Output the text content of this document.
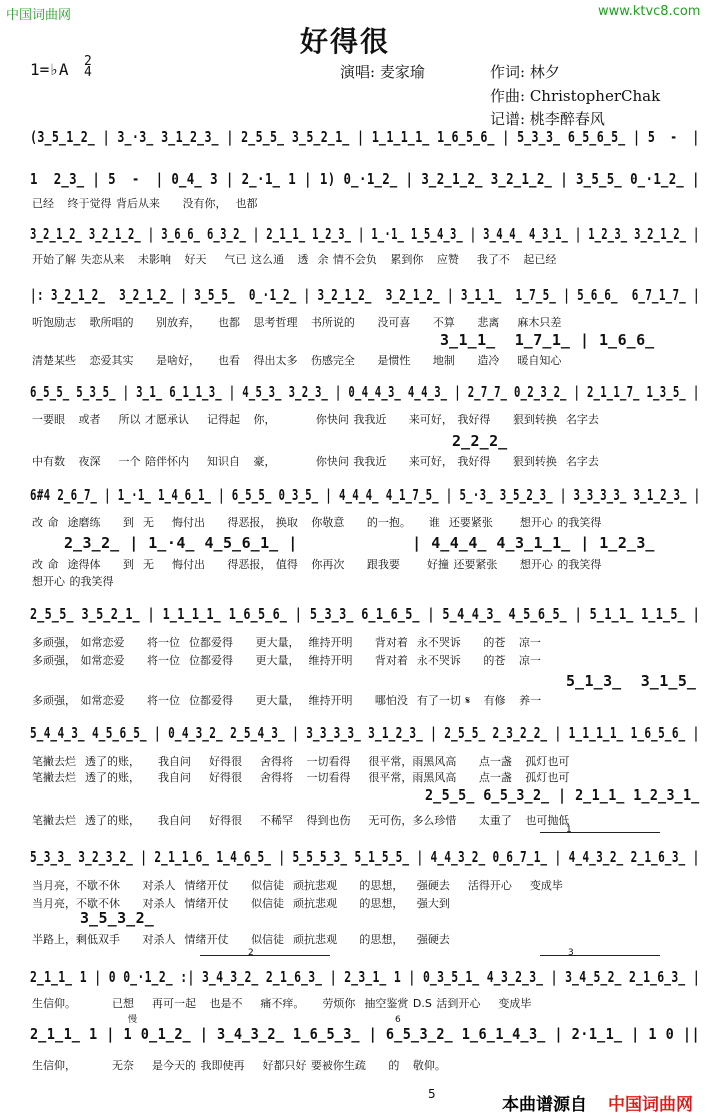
中国词曲网	www.ktvc8.com
好得很
1=♭A 2
4	演唱: 麦家瑜	作词: 林夕
作曲: ChristopherChak
记谱: 桃李醉春风
(3̲5̲1̲2̲ | 3̲·3̲ 3̲1̲2̲3̲ | 2̲5̲5̲ 3̲5̲2̲1̲ | 1̲1̲1̲1̲ 1̲6̲5̲6̲ | 5̲3̲3̲ 6̲5̲6̲5̲ | 5  -  |
1  2̲3̲ | 5  -  | 0̲4̲ 3 | 2̲·1̲ 1 | 1) 0̲·1̲2̲ | 3̲2̲1̲2̲ 3̲2̲1̲2̲ | 3̲5̲5̲ 0̲·1̲2̲ |
已经   终于觉得 背后从来     没有你，  也都
3̲2̲1̲2̲ 3̲2̲1̲2̲ | 3̲6̲6̲ 6̲3̲2̲ | 2̲1̲1̲ 1̲2̲3̲ | 1̲·1̲ 1̲5̲4̲3̲ | 3̲4̲4̲ 4̲3̲1̲ | 1̲2̲3̲ 3̲2̲1̲2̲ |
开始了解 失恋从来   未影响   好天    气已 这么通   透  余 情不会负   累到你   应赞    我了不   起已经
|: 3̲2̲1̲2̲  3̲2̲1̲2̲ | 3̲5̲5̲  0̲·1̲2̲ | 3̲2̲1̲2̲  3̲2̲1̲2̲ | 3̲1̲1̲  1̲7̲5̲ | 5̲6̲6̲  6̲7̲1̲7̲ |
听饱励志   歌所唱的     别放弃，    也都   思考哲理   书所说的     没可喜     不算     悲离    麻木只差
清楚某些   恋爱其实     是啥好，    也看   得出太多   伤感完全     是惯性     地制     造冷    暖自知心
3̲1̲1̲  1̲7̲1̲ | 1̲6̲6̲
6̲5̲5̲ 5̲3̲5̲ | 3̲1̲ 6̲1̲1̲3̲ | 4̲5̲3̲ 3̲2̲3̲ | 0̲4̲4̲3̲ 4̲4̲3̲ | 2̲7̲7̲ 0̲2̲3̲2̲ | 2̲1̲1̲7̲ 1̲3̲5̲ |
一要眼   或者    所以 才愿承认    记得起   你，         你快问 我我近     来可好， 我好得     狠到转换  名字去
中有数   夜深    一个 陪伴怀内    知识自   豪，         你快问 我我近     来可好， 我好得     狠到转换  名字去
2̲2̲2̲
6#4 2̲6̲7̲ | 1̲·1̲ 1̲4̲6̲1̲ | 6̲5̲5̲ 0̲3̲5̲ | 4̲4̲4̲ 4̲1̲7̲5̲ | 5̲·3̲ 3̲5̲2̲3̲ | 3̲3̲3̲3̲ 3̲1̲2̲3̲ |
改 命  途磨练     到  无    悔付出     得恶报， 换取   你敬意     的一抱。    谁  还要紧张      想开心 的我笑得
改 命  途得体     到  无    悔付出     得恶报， 值得   你再次     跟我要      好撞 还要紧张     想开心 的我笑得
想开心 的我笑得
2̲3̲2̲ | 1̲·4̲ 4̲5̲6̲1̲ |            | 4̲4̲4̲ 4̲3̲1̲1̲ | 1̲2̲3̲
2̲5̲5̲ 3̲5̲2̲1̲ | 1̲1̲1̲1̲ 1̲6̲5̲6̲ | 5̲3̲3̲ 6̲1̲6̲5̲ | 5̲4̲4̲3̲ 4̲5̲6̲5̲ | 5̲1̲1̲ 1̲1̲5̲ |
多顽强， 如常恋爱     将一位  位都爱得     更大量，  维持开明     背对着  永不哭诉     的苍   凉一
多顽强， 如常恋爱     将一位  位都爱得     更大量，  维持开明     背对着  永不哭诉     的苍   凉一
多顽强， 如常恋爱     将一位  位都爱得     更大量，  维持开明     哪怕没  有了一切 𝄋   有修   养一
5̲1̲3̲  3̲1̲5̲
5̲4̲4̲3̲ 4̲5̲6̲5̲ | 0̲4̲3̲2̲ 2̲5̲4̲3̲ | 3̲3̲3̲3̲ 3̲1̲2̲3̲ | 2̲5̲5̲ 2̲3̲2̲2̲ | 1̲1̲1̲1̲ 1̲6̲5̲6̲ |
笔撇去烂  透了的账，    我自问    好得很    舍得将   一切看得    很平常，雨黑风高     点一盏   孤灯也可
笔撇去烂  透了的账，    我自问    好得很    舍得将   一切看得    很平常，雨黑风高     点一盏   孤灯也可
笔撇去烂  透了的账，    我自问    好得很    不稀罕   得到也伤    无可伤，多么珍惜     太重了   也可抛低
2̲5̲5̲ 6̲5̲3̲2̲ | 2̲1̲1̲ 1̲2̲3̲1̲
5̲3̲3̲ 3̲2̲3̲2̲ | 2̲1̲1̲6̲ 1̲4̲6̲5̲ | 5̲5̲5̲3̲ 5̲1̲5̲5̲ | 4̲4̲3̲2̲ 0̲6̲7̲1̲ | 4̲4̲3̲2̲ 2̲1̲6̲3̲ |
当月亮，不歇不休     对杀人  情绪开仗     似信徒  顽抗悲观     的思想，   强硬去    活得开心    变成毕
当月亮，不歇不休     对杀人  情绪开仗     似信徒  顽抗悲观     的思想，   强大到
半路上，剩低双手     对杀人  情绪开仗     似信徒  顽抗悲观     的思想，   强硬去
3̲5̲3̲2̲
2̲1̲1̲ 1 | 0 0̲·1̲2̲ :| 3̲4̲3̲2̲ 2̲1̲6̲3̲ | 2̲3̲1̲ 1 | 0̲3̲5̲1̲ 4̲3̲2̲3̲ | 3̲4̲5̲2̲ 2̲1̲6̲3̲ |
生信仰。        已想    再可一起   也是不    痛不痒。    劳烦你  抽空鉴赏 D.S 活到开心    变成毕
2̲1̲1̲ 1 | 1 0̲1̲2̲ | 3̲4̲3̲2̲ 1̲6̲5̲3̲ | 6̲5̲3̲2̲ 1̲6̲1̲4̲3̲ | 2·1̲1̲ | 1 0 ||
生信仰，        无奈    是今天的 我即使再    好都只好 要被你生疏     的   敬仰。
慢
1
2	3
6
5
本曲谱源自 中国词曲网
